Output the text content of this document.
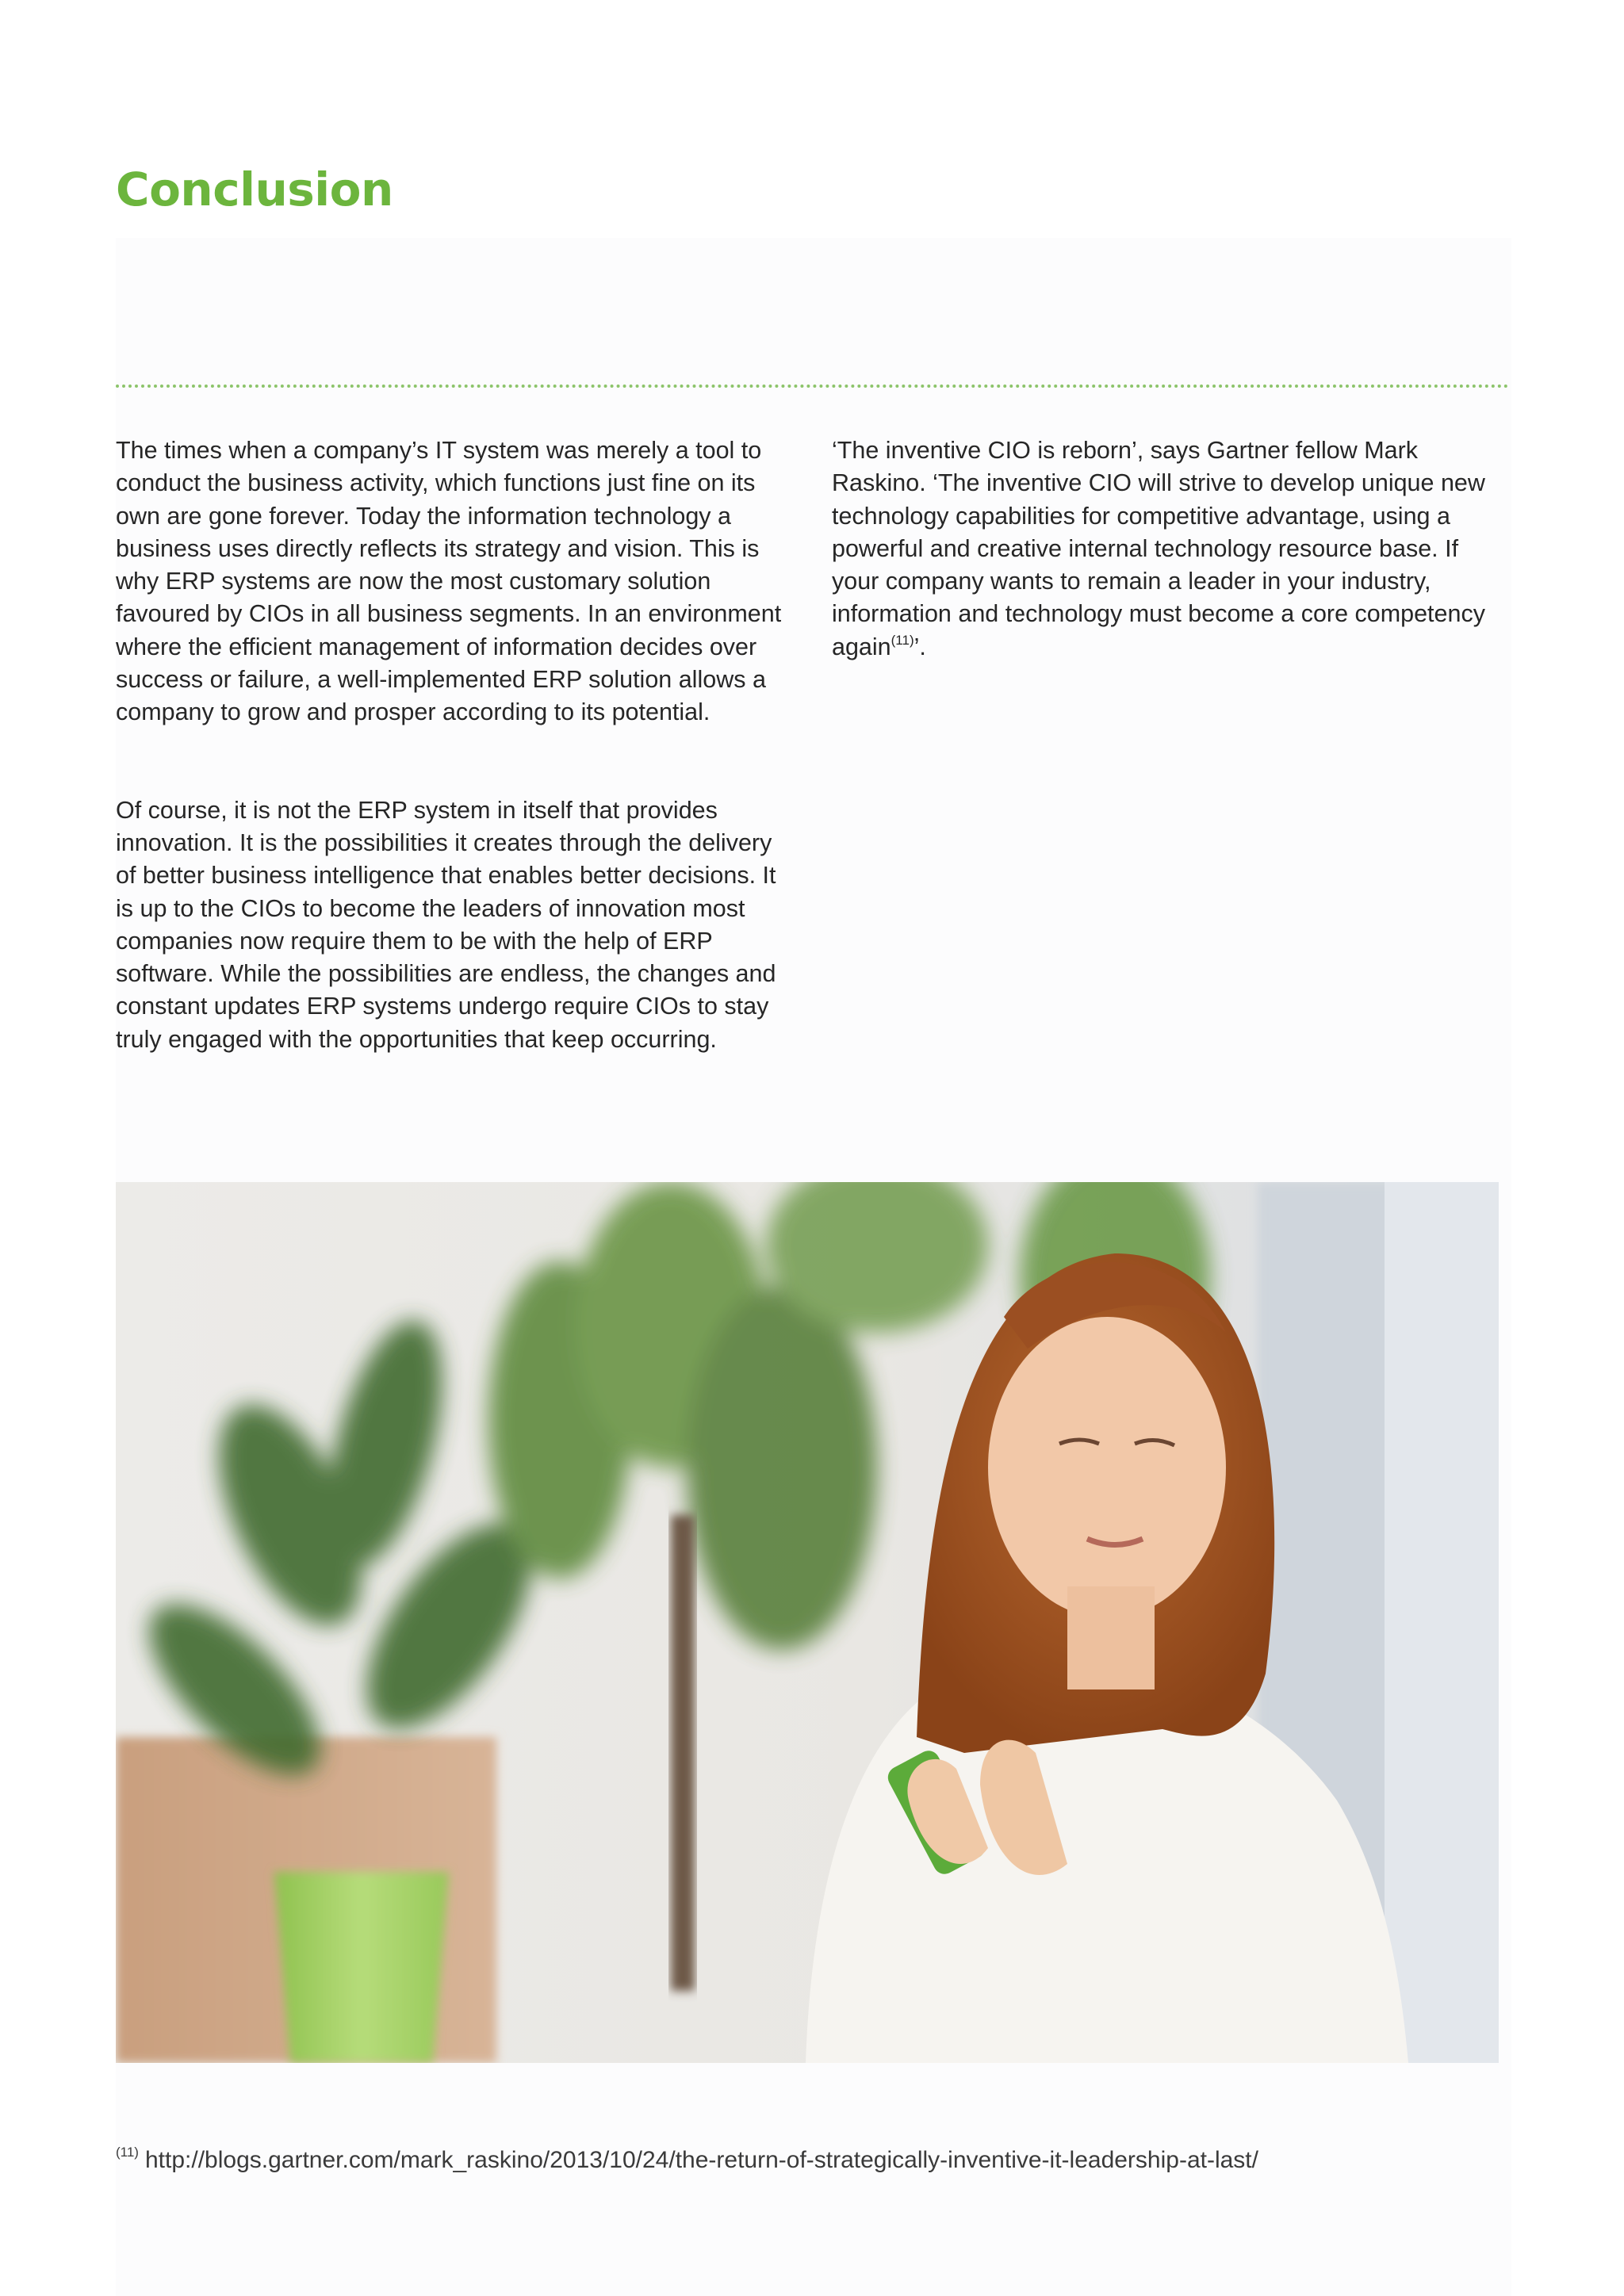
Conclusion

The times when a company’s IT system was merely a tool to conduct the business activity, which functions just fine on its own are gone forever. Today the information technology a business uses directly reflects its strategy and vision. This is why ERP systems are now the most customary solution favoured by CIOs in all business segments. In an environment where the efficient management of information decides over success or failure, a well-implemented ERP solution allows a company to grow and prosper according to its potential.

Of course, it is not the ERP system in itself that provides innovation. It is the possibilities it creates through the delivery of better business intelligence that enables better decisions. It is up to the CIOs to become the leaders of innovation most companies now require them to be with the help of ERP software. While the possibilities are endless, the changes and constant updates ERP systems undergo require CIOs to stay truly engaged with the opportunities that keep occurring.

‘The inventive CIO is reborn’, says Gartner fellow Mark Raskino. ‘The inventive CIO will strive to develop unique new technology capabilities for competitive advantage, using a powerful and creative internal technology resource base. If your company wants to remain a leader in your industry, information and technology must become a core competency again$^{(11)}$’.

$^{(11)}$ http://blogs.gartner.com/mark_raskino/2013/10/24/the-return-of-strategically-inventive-it-leadership-at-last/
